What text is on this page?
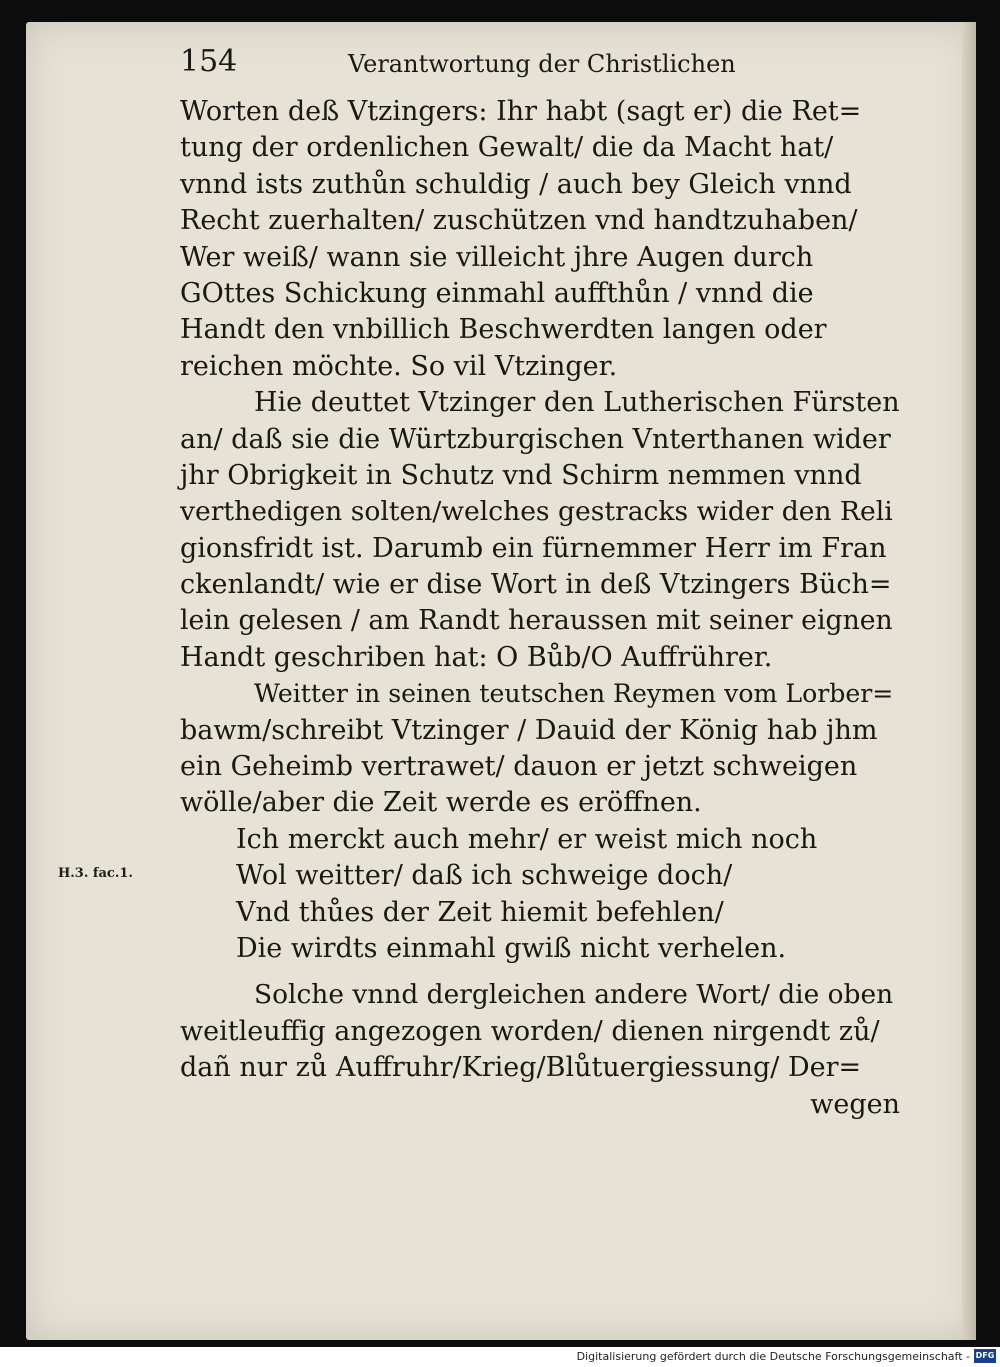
154	Verantwortung der Christlichen
H.3. fac.1.
Worten deß Vtzingers: Ihr habt (sagt er) die Ret=
tung der ordenlichen Gewalt/ die da Macht hat/
vnnd ists zuthůn schuldig / auch bey Gleich vnnd
Recht zuerhalten/ zuschützen vnd handtzuhaben/
Wer weiß/ wann sie villeicht jhre Augen durch
GOttes Schickung einmahl auffthůn / vnnd die
Handt den vnbillich Beschwerdten langen oder
reichen möchte. So vil Vtzinger.
Hie deuttet Vtzinger den Lutherischen Fürsten
an/ daß sie die Würtzburgischen Vnterthanen wider
jhr Obrigkeit in Schutz vnd Schirm nemmen vnnd
verthedigen solten/welches gestracks wider den Reli
gionsfridt ist. Darumb ein fürnemmer Herr im Fran
ckenlandt/ wie er dise Wort in deß Vtzingers Büch=
lein gelesen / am Randt heraussen mit seiner eignen
Handt geschriben hat: O Bůb/O Auffrührer.
Weitter in seinen teutschen Reymen vom Lorber=
bawm/schreibt Vtzinger / Dauid der König hab jhm
ein Geheimb vertrawet/ dauon er jetzt schweigen
wölle/aber die Zeit werde es eröffnen.
Ich merckt auch mehr/ er weist mich noch
Wol weitter/ daß ich schweige doch/
Vnd thůes der Zeit hiemit befehlen/
Die wirdts einmahl gwiß nicht verhelen.
Solche vnnd dergleichen andere Wort/ die oben
weitleuffig angezogen worden/ dienen nirgendt zů/
dañ nur zů Auffruhr/Krieg/Blůtuergiessung/ Der=
wegen
Digitalisierung gefördert durch die Deutsche Forschungsgemeinschaft - DFG
